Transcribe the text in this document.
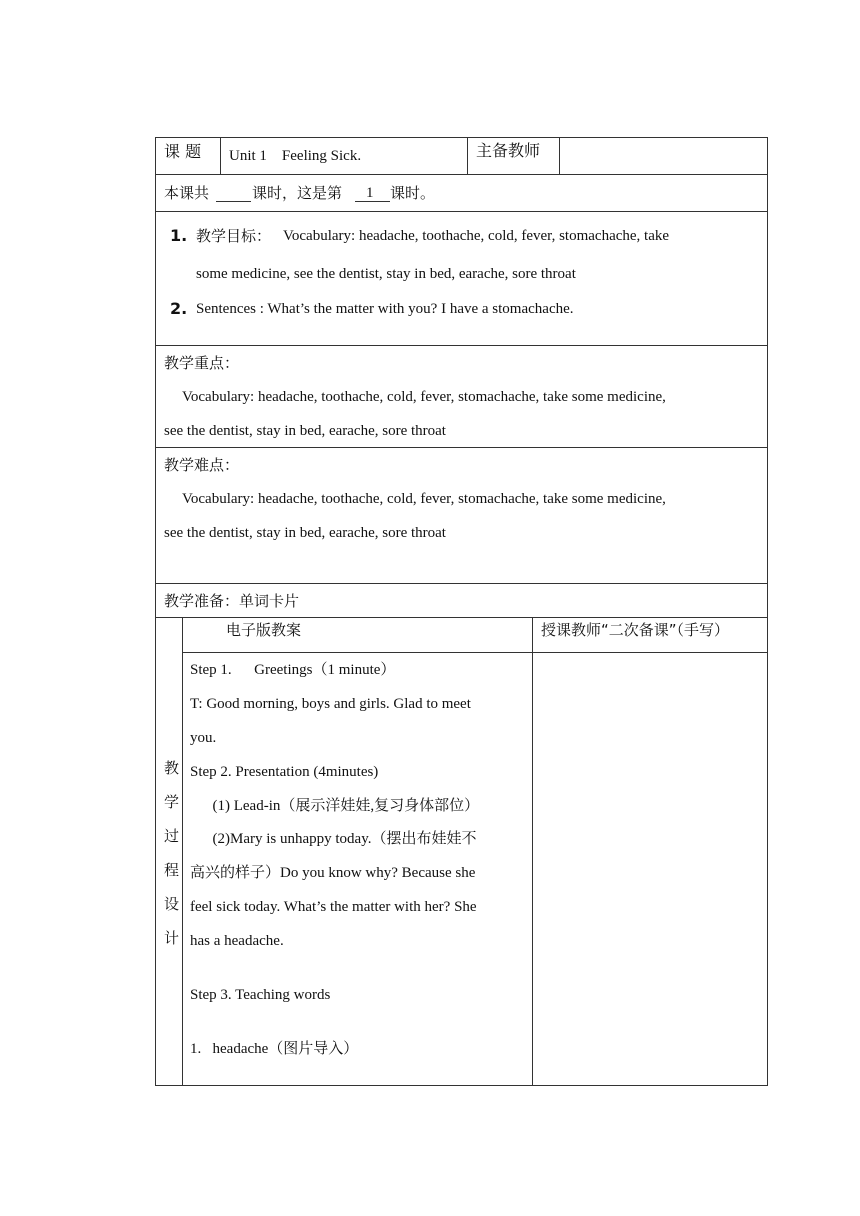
课 题 Unit 1    Feeling Sick.	主备教师
本课共	课时，这是第 1 课时。
1. 教学目标： Vocabulary: headache, toothache, cold, fever, stomachache, take
some medicine, see the dentist, stay in bed, earache, sore throat
2. Sentences : What’s the matter with you? I have a stomachache.
教学重点：
Vocabulary: headache, toothache, cold, fever, stomachache, take some medicine,
see the dentist, stay in bed, earache, sore throat
教学难点：
Vocabulary: headache, toothache, cold, fever, stomachache, take some medicine,
see the dentist, stay in bed, earache, sore throat
教学准备：单词卡片
电子版教案	授课教师“二次备课”（手写）
教
学
过
程
设
计
Step 1.      Greetings（1 minute）
T: Good morning, boys and girls. Glad to meet
you.
Step 2. Presentation (4minutes)
(1) Lead-in（展示洋娃娃,复习身体部位）
(2)Mary is unhappy today.（摆出布娃娃不
高兴的样子）Do you know why? Because she
feel sick today. What’s the matter with her? She
has a headache.
Step 3. Teaching words
1.   headache（图片导入）
